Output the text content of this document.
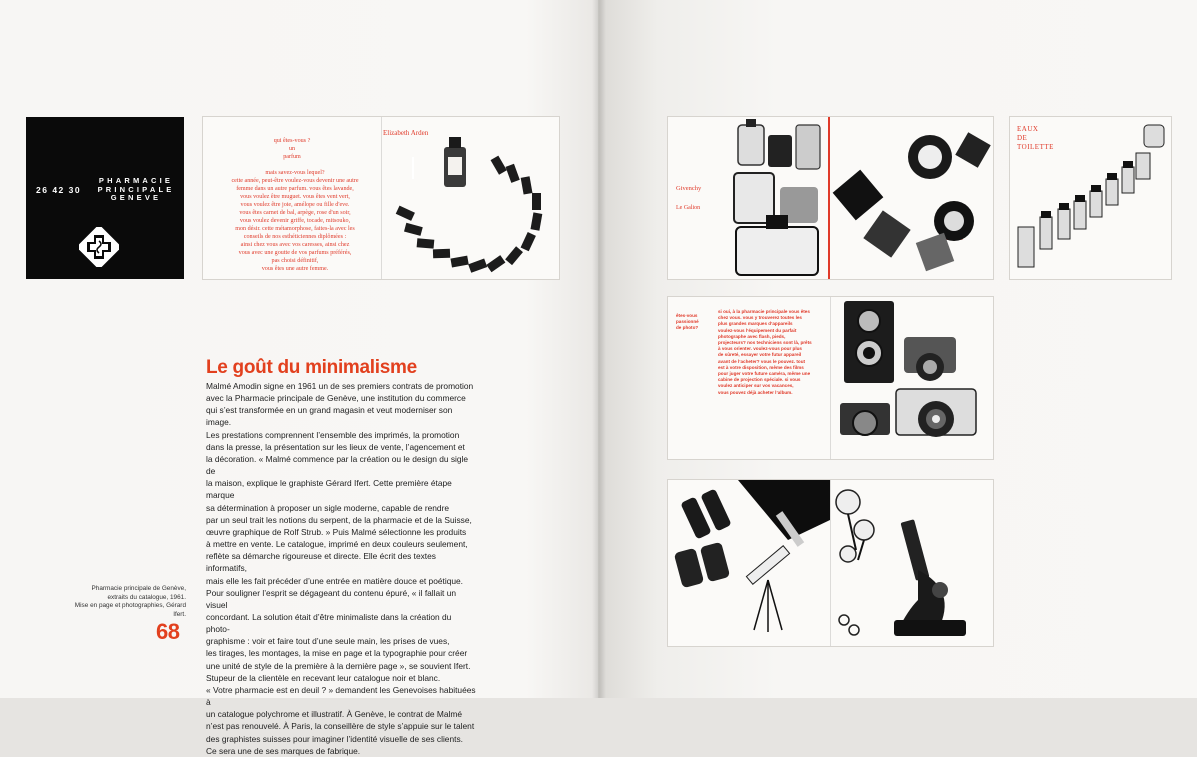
26 42 30
PHARMACIE
PRINCIPALE
GENEVE
qui êtes-vous ?
un
parfum
mais savez-vous lequel?
cette année, peut-être voulez-vous devenir une autre
femme dans un autre parfum. vous êtes lavande,
vous voulez être muguet. vous êtes vent vert,
vous voulez être joie, amélope ou fille d'eve.
vous êtes carnet de bal, arpège, rose d'un soir,
vous voulez devenir griffe, tocade, mitsouko,
mon désir. cette métamorphose, faites-la avec les
conseils de nos esthéticiennes diplômées :
ainsi chez vous avec vos caresses, ainsi chez
vous avec une goutte de vos parfums préférés,
pas choisi définitif,
vous êtes une autre femme.
Elizabeth Arden
Le goût du minimalisme

Malmé Amodin signe en 1961 un de ses premiers contrats de promotion

avec la Pharmacie principale de Genève, une institution du commerce

qui s’est transformée en un grand magasin et veut moderniser son image.

Les prestations comprennent l’ensemble des imprimés, la promotion

dans la presse, la présentation sur les lieux de vente, l’agencement et

la décoration. « Malmé commence par la création ou le design du sigle de

la maison, explique le graphiste Gérard Ifert. Cette première étape marque

sa détermination à proposer un sigle moderne, capable de rendre

par un seul trait les notions du serpent, de la pharmacie et de la Suisse,

œuvre graphique de Rolf Strub. » Puis Malmé sélectionne les produits

à mettre en vente. Le catalogue, imprimé en deux couleurs seulement,

reflète sa démarche rigoureuse et directe. Elle écrit des textes informatifs,

mais elle les fait précéder d’une entrée en matière douce et poétique.

Pour souligner l’esprit se dégageant du contenu épuré, « il fallait un visuel

concordant. La solution était d’être minimaliste dans la création du photo-

graphisme : voir et faire tout d’une seule main, les prises de vues,

les tirages, les montages, la mise en page et la typographie pour créer

une unité de style de la première à la dernière page », se souvient Ifert.

Stupeur de la clientèle en recevant leur catalogue noir et blanc.

« Votre pharmacie est en deuil ? » demandent les Genevoises habituées à

un catalogue polychrome et illustratif. À Genève, le contrat de Malmé

n’est pas renouvelé. À Paris, la conseillère de style s’appuie sur le talent

des graphistes suisses pour imaginer l’identité visuelle de ses clients.

Ce sera une de ses marques de fabrique.

Pharmacie principale de Genève,

extraits du catalogue, 1961.

Mise en page et photographies, Gérard Ifert.

68
Givenchy
Le Galion
EAUX
DE
TOILETTE
êtes-vous
passionné
de photo?
si oui, à la pharmacie principale vous êtes
chez vous. vous y trouverez toutes les
plus grandes marques d’appareils
voulez-vous l’équipement du parfait
photographe avec flash, pieds,
projecteurs? nos techniciens sont là, prêts
à vous orienter. voulez-vous pour plus
de sûreté, essayer votre futur appareil
avant de l’acheter? vous le pouvez. tout
est à votre disposition, même des films
pour juger votre future caméra, même une
cabine de projection spéciale. si vous
voulez anticiper sur vos vacances,
vous pouvez déjà acheter l’album.
